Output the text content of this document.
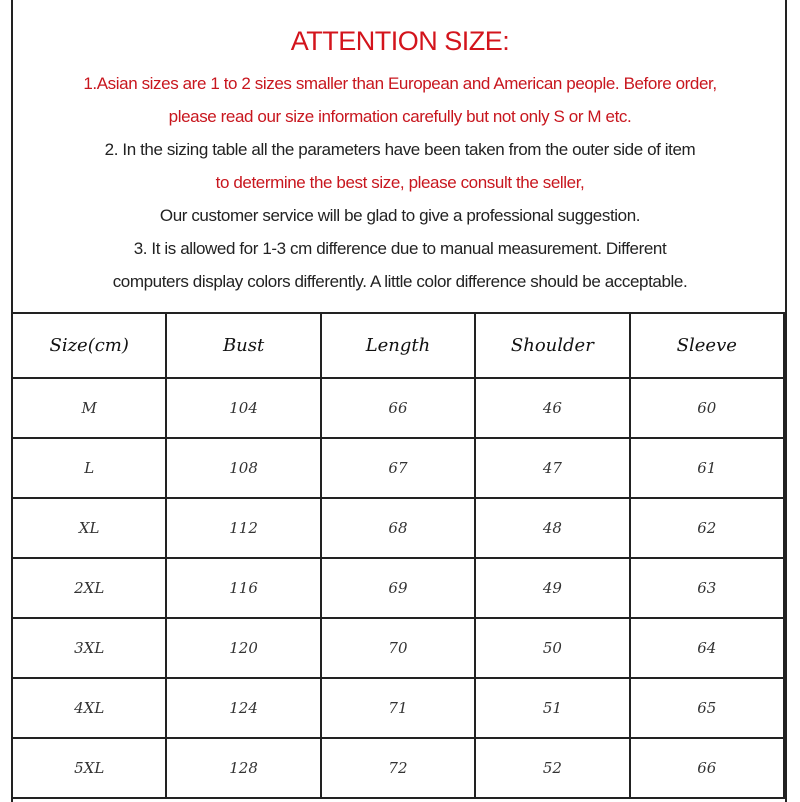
ATTENTION SIZE:
1.Asian sizes are 1 to 2 sizes smaller than European and American people. Before order,
please read our size information carefully but not only S or M etc.
2. In the sizing table all the parameters have been taken from the outer side of item
to determine the best size, please consult the seller,
Our customer service will be glad to give a professional suggestion.
3. It is allowed for 1-3 cm difference due to manual measurement. Different
computers display colors differently. A little color difference should be acceptable.
Size(cm)	Bust	Length	Shoulder	Sleeve
M	104	66	46	60
L	108	67	47	61
XL	112	68	48	62
2XL	116	69	49	63
3XL	120	70	50	64
4XL	124	71	51	65
5XL	128	72	52	66
